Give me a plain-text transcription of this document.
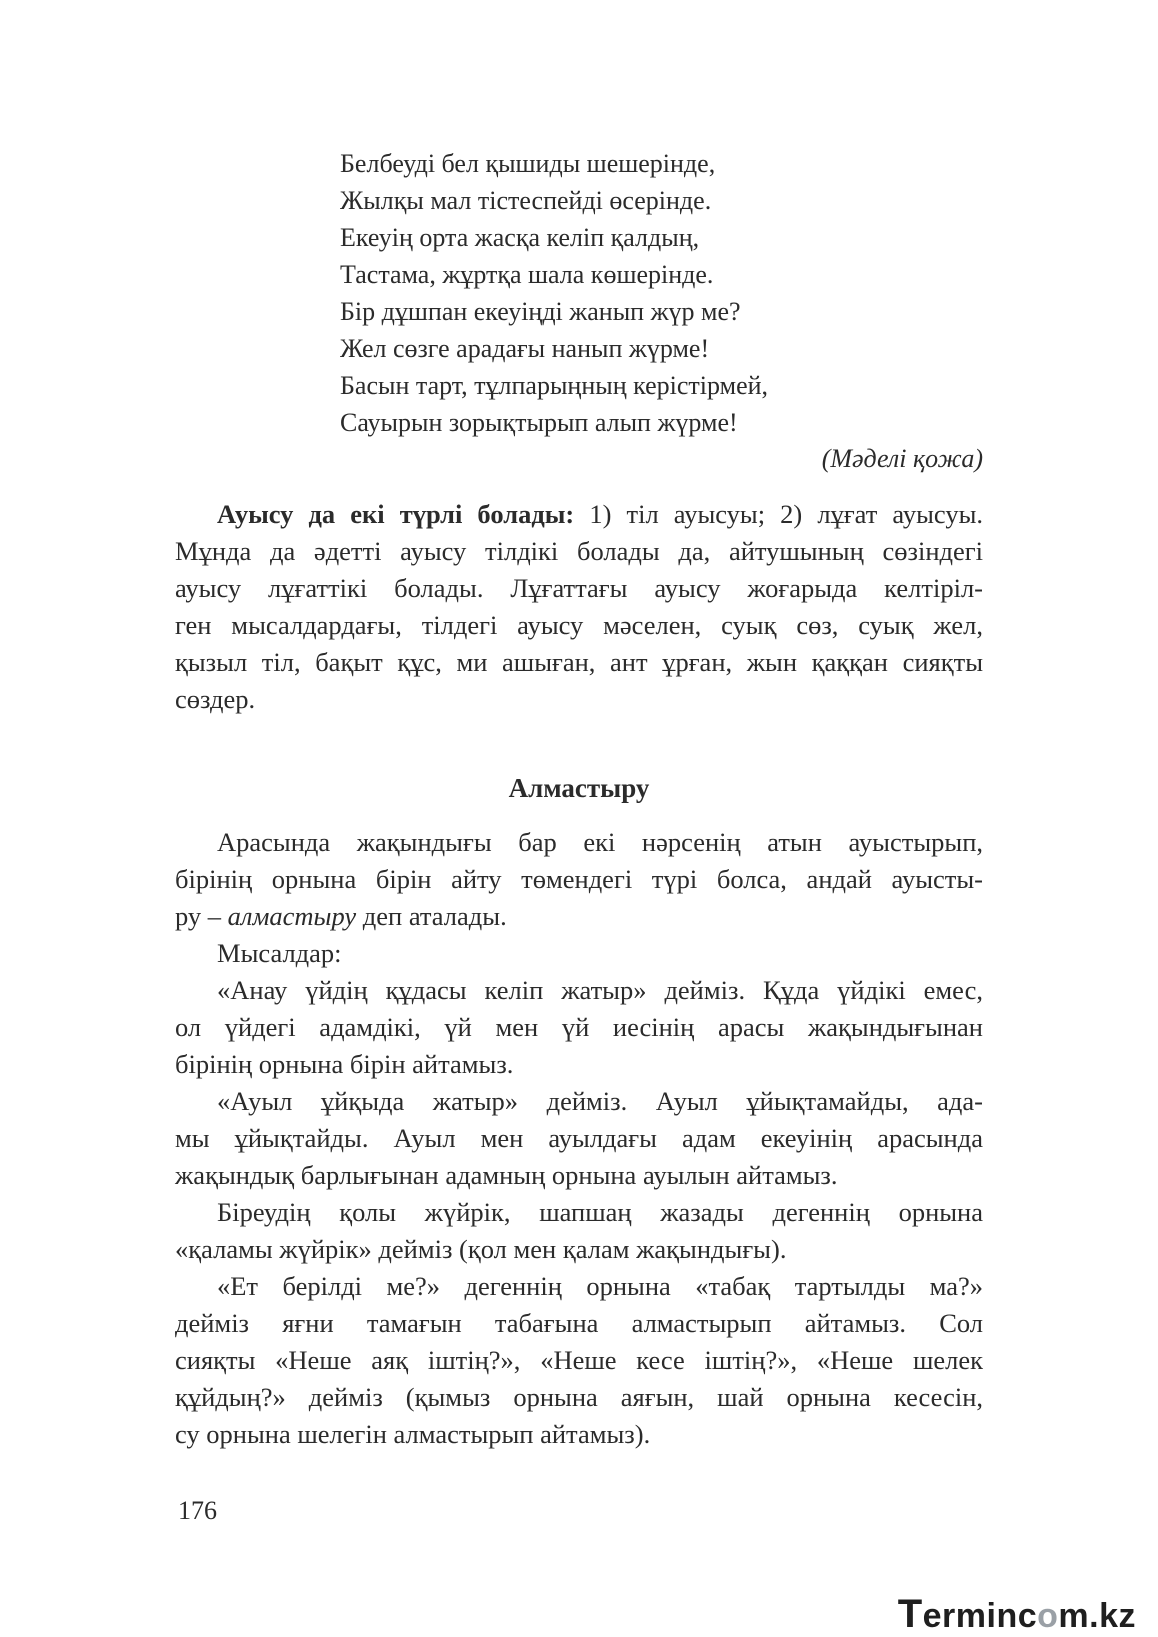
Белбеуді бел қышиды шешерінде,
Жылқы мал тістеспейді өсерінде.
Екеуің орта жасқа келіп қалдың,
Тастама, жұртқа шала көшерінде.
Бір дұшпан екеуіңді жанып жүр ме?
Жел сөзге арадағы нанып жүрме!
Басын тарт, тұлпарыңның керістірмей,
Сауырын зорықтырып алып жүрме!
(Мәделі қожа)

Ауысу да екі түрлі болады: 1) тіл ауысуы; 2) лұғат ауысуы.

Мұнда да әдетті ауысу тілдікі болады да, айтушының сөзіндегі

ауысу лұғаттікі болады. Лұғаттағы ауысу жоғарыда келтіріл-

ген мысалдардағы, тілдегі ауысу мәселен, суық сөз, суық жел,

қызыл тіл, бақыт құс, ми ашыған, ант ұрған, жын қаққан сияқты

сөздер.

Алмастыру

Арасында жақындығы бар екі нәрсенің атын ауыстырып,

бірінің орнына бірін айту төмендегі түрі болса, андай ауысты-

ру – алмастыру деп аталады.

Мысалдар:

«Анау үйдің құдасы келіп жатыр» дейміз. Құда үйдікі емес,

ол үйдегі адамдікі, үй мен үй иесінің арасы жақындығынан

бірінің орнына бірін айтамыз.

«Ауыл ұйқыда жатыр» дейміз. Ауыл ұйықтамайды, ада-

мы ұйықтайды. Ауыл мен ауылдағы адам екеуінің арасында

жақындық барлығынан адамның орнына ауылын айтамыз.

Біреудің қолы жүйрік, шапшаң жазады дегеннің орнына

«қаламы жүйрік» дейміз (қол мен қалам жақындығы).

«Ет берілді ме?» дегеннің орнына «табақ тартылды ма?»

дейміз яғни тамағын табағына алмастырып айтамыз. Сол

сияқты «Неше аяқ іштің?», «Неше кесе іштің?», «Неше шелек

құйдың?» дейміз (қымыз орнына аяғын, шай орнына кесесін,

су орнына шелегін алмастырып айтамыз).

176
Termincom.kz
